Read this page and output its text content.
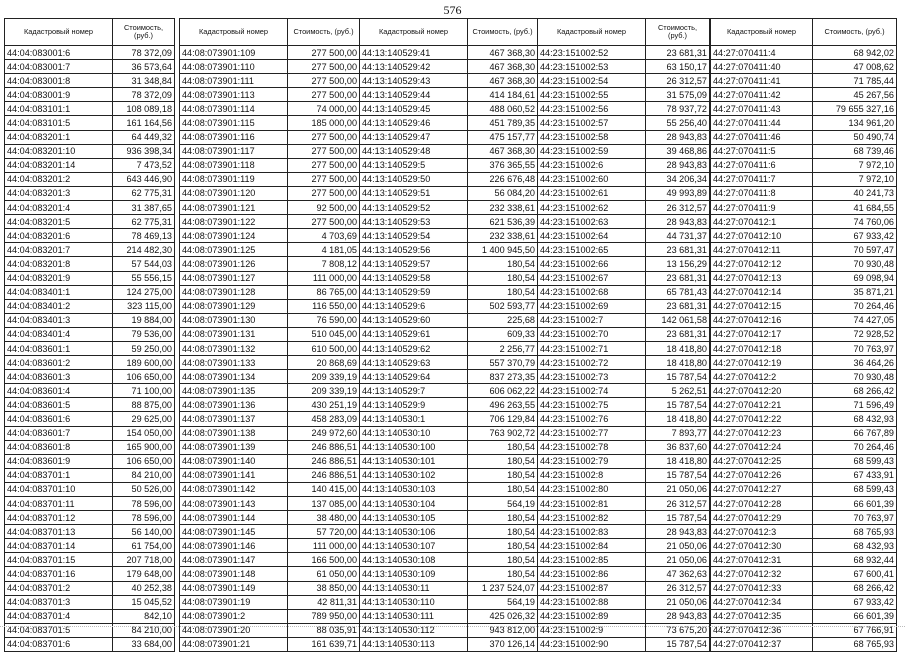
576
Кадастровый номер	Стоимость, (руб.)
44:04:083001:6	78 372,09
44:04:083001:7	36 573,64
44:04:083001:8	31 348,84
44:04:083001:9	78 372,09
44:04:083101:1	108 089,18
44:04:083101:5	161 164,56
44:04:083201:1	64 449,32
44:04:083201:10	936 398,34
44:04:083201:14	7 473,52
44:04:083201:2	643 446,90
44:04:083201:3	62 775,31
44:04:083201:4	31 387,65
44:04:083201:5	62 775,31
44:04:083201:6	78 469,13
44:04:083201:7	214 482,30
44:04:083201:8	57 544,03
44:04:083201:9	55 556,15
44:04:083401:1	124 275,00
44:04:083401:2	323 115,00
44:04:083401:3	19 884,00
44:04:083401:4	79 536,00
44:04:083601:1	59 250,00
44:04:083601:2	189 600,00
44:04:083601:3	106 650,00
44:04:083601:4	71 100,00
44:04:083601:5	88 875,00
44:04:083601:6	29 625,00
44:04:083601:7	154 050,00
44:04:083601:8	165 900,00
44:04:083601:9	106 650,00
44:04:083701:1	84 210,00
44:04:083701:10	50 526,00
44:04:083701:11	78 596,00
44:04:083701:12	78 596,00
44:04:083701:13	56 140,00
44:04:083701:14	61 754,00
44:04:083701:15	207 718,00
44:04:083701:16	179 648,00
44:04:083701:2	40 252,38
44:04:083701:3	15 045,52
44:04:083701:4	842,10
44:04:083701:5	84 210,00
44:04:083701:6	33 684,00
Кадастровый номер	Стоимость, (руб.)
44:08:073901:109	277 500,00
44:08:073901:110	277 500,00
44:08:073901:111	277 500,00
44:08:073901:113	277 500,00
44:08:073901:114	74 000,00
44:08:073901:115	185 000,00
44:08:073901:116	277 500,00
44:08:073901:117	277 500,00
44:08:073901:118	277 500,00
44:08:073901:119	277 500,00
44:08:073901:120	277 500,00
44:08:073901:121	92 500,00
44:08:073901:122	277 500,00
44:08:073901:124	4 703,69
44:08:073901:125	4 181,05
44:08:073901:126	7 808,12
44:08:073901:127	111 000,00
44:08:073901:128	86 765,00
44:08:073901:129	116 550,00
44:08:073901:130	76 590,00
44:08:073901:131	510 045,00
44:08:073901:132	610 500,00
44:08:073901:133	20 868,69
44:08:073901:134	209 339,19
44:08:073901:135	209 339,19
44:08:073901:136	430 251,19
44:08:073901:137	458 283,09
44:08:073901:138	249 972,60
44:08:073901:139	246 886,51
44:08:073901:140	246 886,51
44:08:073901:141	246 886,51
44:08:073901:142	140 415,00
44:08:073901:143	137 085,00
44:08:073901:144	38 480,00
44:08:073901:145	57 720,00
44:08:073901:146	111 000,00
44:08:073901:147	166 500,00
44:08:073901:148	61 050,00
44:08:073901:149	38 850,00
44:08:073901:19	42 811,31
44:08:073901:2	789 950,00
44:08:073901:20	88 035,91
44:08:073901:21	161 639,71
Кадастровый номер	Стоимость, (руб.)
44:13:140529:41	467 368,30
44:13:140529:42	467 368,30
44:13:140529:43	467 368,30
44:13:140529:44	414 184,61
44:13:140529:45	488 060,52
44:13:140529:46	451 789,35
44:13:140529:47	475 157,77
44:13:140529:48	467 368,30
44:13:140529:5	376 365,55
44:13:140529:50	226 676,48
44:13:140529:51	56 084,20
44:13:140529:52	232 338,61
44:13:140529:53	621 536,39
44:13:140529:54	232 338,61
44:13:140529:56	1 400 945,50
44:13:140529:57	180,54
44:13:140529:58	180,54
44:13:140529:59	180,54
44:13:140529:6	502 593,77
44:13:140529:60	225,68
44:13:140529:61	609,33
44:13:140529:62	2 256,77
44:13:140529:63	557 370,79
44:13:140529:64	837 273,35
44:13:140529:7	606 062,22
44:13:140529:9	496 263,55
44:13:140530:1	706 129,84
44:13:140530:10	763 902,72
44:13:140530:100	180,54
44:13:140530:101	180,54
44:13:140530:102	180,54
44:13:140530:103	180,54
44:13:140530:104	564,19
44:13:140530:105	180,54
44:13:140530:106	180,54
44:13:140530:107	180,54
44:13:140530:108	180,54
44:13:140530:109	180,54
44:13:140530:11	1 237 524,07
44:13:140530:110	564,19
44:13:140530:111	425 026,32
44:13:140530:112	943 812,00
44:13:140530:113	370 126,14
Кадастровый номер	Стоимость, (руб.)
44:23:151002:52	23 681,31
44:23:151002:53	63 150,17
44:23:151002:54	26 312,57
44:23:151002:55	31 575,09
44:23:151002:56	78 937,72
44:23:151002:57	55 256,40
44:23:151002:58	28 943,83
44:23:151002:59	39 468,86
44:23:151002:6	28 943,83
44:23:151002:60	34 206,34
44:23:151002:61	49 993,89
44:23:151002:62	26 312,57
44:23:151002:63	28 943,83
44:23:151002:64	44 731,37
44:23:151002:65	23 681,31
44:23:151002:66	13 156,29
44:23:151002:67	23 681,31
44:23:151002:68	65 781,43
44:23:151002:69	23 681,31
44:23:151002:7	142 061,58
44:23:151002:70	23 681,31
44:23:151002:71	18 418,80
44:23:151002:72	18 418,80
44:23:151002:73	15 787,54
44:23:151002:74	5 262,51
44:23:151002:75	15 787,54
44:23:151002:76	18 418,80
44:23:151002:77	7 893,77
44:23:151002:78	36 837,60
44:23:151002:79	18 418,80
44:23:151002:8	15 787,54
44:23:151002:80	21 050,06
44:23:151002:81	26 312,57
44:23:151002:82	15 787,54
44:23:151002:83	28 943,83
44:23:151002:84	21 050,06
44:23:151002:85	21 050,06
44:23:151002:86	47 362,63
44:23:151002:87	26 312,57
44:23:151002:88	21 050,06
44:23:151002:89	28 943,83
44:23:151002:9	73 675,20
44:23:151002:90	15 787,54
Кадастровый номер	Стоимость, (руб.)
44:27:070411:4	68 942,02
44:27:070411:40	47 008,62
44:27:070411:41	71 785,44
44:27:070411:42	45 267,56
44:27:070411:43	79 655 327,16
44:27:070411:44	134 961,20
44:27:070411:46	50 490,74
44:27:070411:5	68 739,46
44:27:070411:6	7 972,10
44:27:070411:7	7 972,10
44:27:070411:8	40 241,73
44:27:070411:9	41 684,55
44:27:070412:1	74 760,06
44:27:070412:10	67 933,42
44:27:070412:11	70 597,47
44:27:070412:12	70 930,48
44:27:070412:13	69 098,94
44:27:070412:14	35 871,21
44:27:070412:15	70 264,46
44:27:070412:16	74 427,05
44:27:070412:17	72 928,52
44:27:070412:18	70 763,97
44:27:070412:19	36 464,26
44:27:070412:2	70 930,48
44:27:070412:20	68 266,42
44:27:070412:21	71 596,49
44:27:070412:22	68 432,93
44:27:070412:23	66 767,89
44:27:070412:24	70 264,46
44:27:070412:25	68 599,43
44:27:070412:26	67 433,91
44:27:070412:27	68 599,43
44:27:070412:28	66 601,39
44:27:070412:29	70 763,97
44:27:070412:3	68 765,93
44:27:070412:30	68 432,93
44:27:070412:31	68 932,44
44:27:070412:32	67 600,41
44:27:070412:33	68 266,42
44:27:070412:34	67 933,42
44:27:070412:35	66 601,39
44:27:070412:36	67 766,91
44:27:070412:37	68 765,93
